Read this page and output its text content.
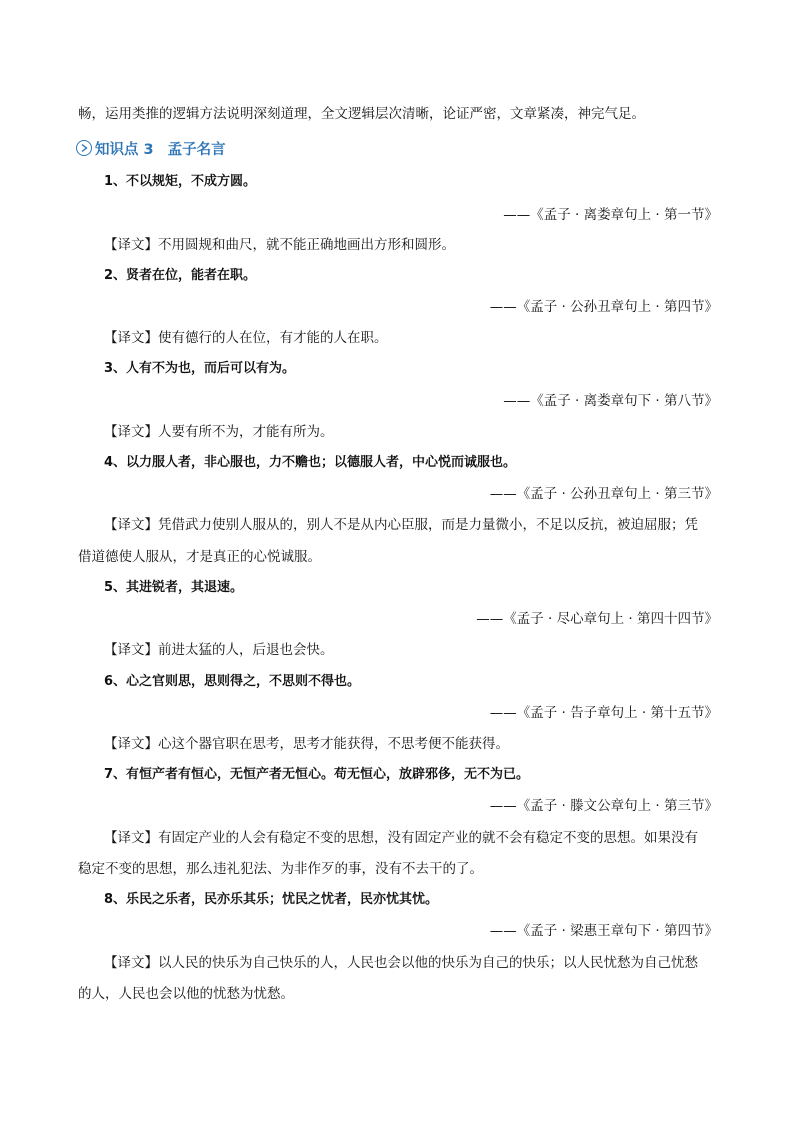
畅，运用类推的逻辑方法说明深刻道理，全文逻辑层次清晰，论证严密，文章紧凑，神完气足。
知识点 3 孟子名言
1、不以规矩，不成方圆。
——《孟子 · 离娄章句上 · 第一节》
【译文】不用圆规和曲尺，就不能正确地画出方形和圆形。
2、贤者在位，能者在职。
——《孟子 · 公孙丑章句上 · 第四节》
【译文】使有德行的人在位，有才能的人在职。
3、人有不为也，而后可以有为。
——《孟子 · 离娄章句下 · 第八节》
【译文】人要有所不为，才能有所为。
4、以力服人者，非心服也，力不赡也；以德服人者，中心悦而诚服也。
——《孟子 · 公孙丑章句上 · 第三节》
【译文】凭借武力使别人服从的，别人不是从内心臣服，而是力量微小，不足以反抗，被迫屈服；凭
借道德使人服从，才是真正的心悦诚服。
5、其进锐者，其退速。
——《孟子 · 尽心章句上 · 第四十四节》
【译文】前进太猛的人，后退也会快。
6、心之官则思，思则得之，不思则不得也。
——《孟子 · 告子章句上 · 第十五节》
【译文】心这个器官职在思考，思考才能获得，不思考便不能获得。
7、有恒产者有恒心，无恒产者无恒心。苟无恒心，放辟邪侈，无不为已。
——《孟子 · 滕文公章句上 · 第三节》
【译文】有固定产业的人会有稳定不变的思想，没有固定产业的就不会有稳定不变的思想。如果没有
稳定不变的思想，那么违礼犯法、为非作歹的事，没有不去干的了。
8、乐民之乐者，民亦乐其乐；忧民之忧者，民亦忧其忧。
——《孟子 · 梁惠王章句下 · 第四节》
【译文】以人民的快乐为自己快乐的人，人民也会以他的快乐为自己的快乐；以人民忧愁为自己忧愁
的人，人民也会以他的忧愁为忧愁。
